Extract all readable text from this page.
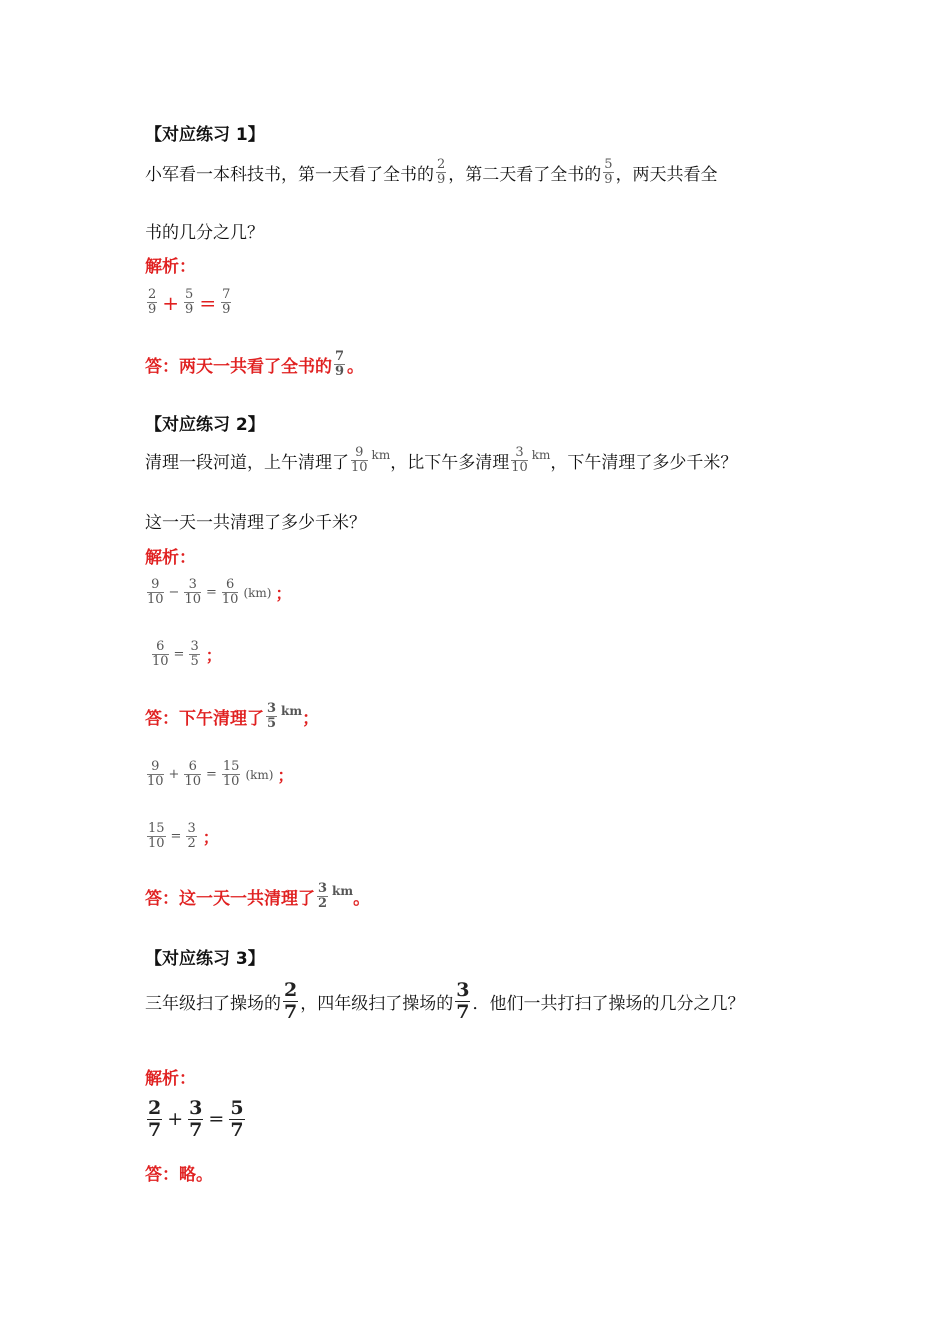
【对应练习 1】
小军看一本科技书，第一天看了全书的 $\frac{2}{9}$ ，第二天看了全书的 $\frac{5}{9}$ ，两天共看全
书的几分之几？
解析：
$\frac{2}{9} + \frac{5}{9} = \frac{7}{9}$
答：两天一共看了全书的 $\frac{7}{9}$ 。
【对应练习 2】
清理一段河道，上午清理了 $\frac{9}{10}$ km ，比下午多清理 $\frac{3}{10}$ km ，下午清理了多少千米？
这一天一共清理了多少千米？
解析：
$\frac{9}{10} - \frac{3}{10} = \frac{6}{10} (km)$ ；
$\frac{6}{10} = \frac{3}{5}$ ；
答：下午清理了 $\frac{3}{5}$ km ；
$\frac{9}{10} + \frac{6}{10} = \frac{15}{10} (km)$ ；
$\frac{15}{10} = \frac{3}{2}$ ；
答：这一天一共清理了 $\frac{3}{2}$ km 。
【对应练习 3】
三年级扫了操场的 $\frac{2}{7}$ ，四年级扫了操场的 $\frac{3}{7}$ ．他们一共打扫了操场的几分之几？
解析：
$\frac{2}{7} + \frac{3}{7} = \frac{5}{7}$
答：略。
